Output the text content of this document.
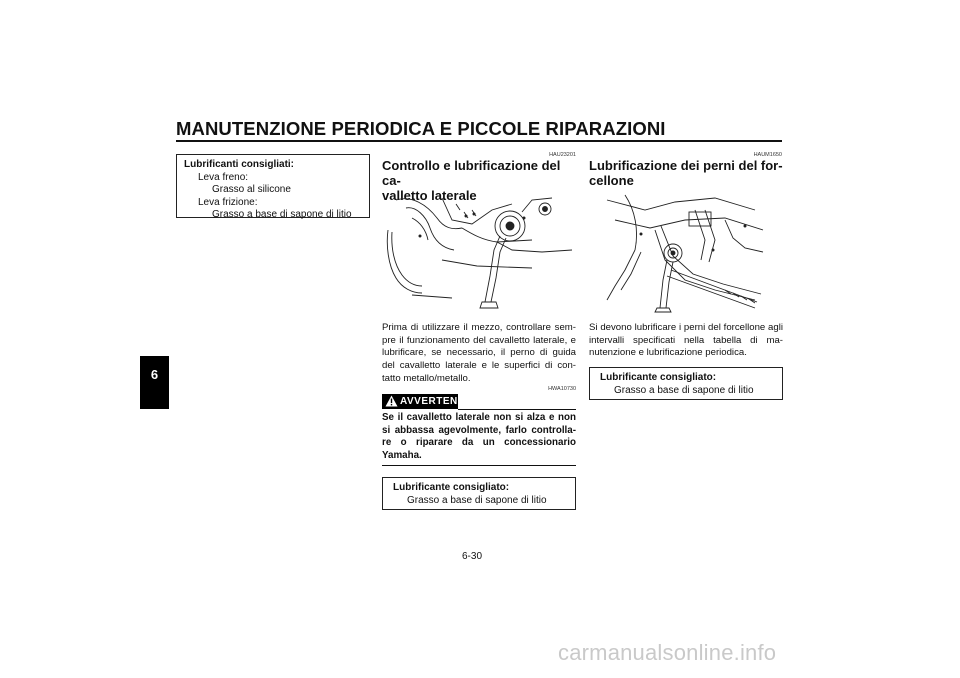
MANUTENZIONE PERIODICA E PICCOLE RIPARAZIONI
6
Lubrificanti consigliati:
Leva freno:
Grasso al silicone
Leva frizione:
Grasso a base di sapone di litio
HAU23201
Controllo e lubrificazione del ca-
valletto laterale
Prima di utilizzare il mezzo, controllare sem-pre il funzionamento del cavalletto laterale, e lubrificare, se necessario, il perno di guida del cavalletto laterale e le superfici di con-tatto metallo/metallo.
HWA10730
AVVERTENZA
Se il cavalletto laterale non si alza e non si abbassa agevolmente, farlo controlla-re o riparare da un concessionario Yamaha.
Lubrificante consigliato:
Grasso a base di sapone di litio
HAUM1650
Lubrificazione dei perni del for-
cellone
Si devono lubrificare i perni del forcellone agli intervalli specificati nella tabella di ma-nutenzione e lubrificazione periodica.
Lubrificante consigliato:
Grasso a base di sapone di litio
6-30
carmanualsonline.info
